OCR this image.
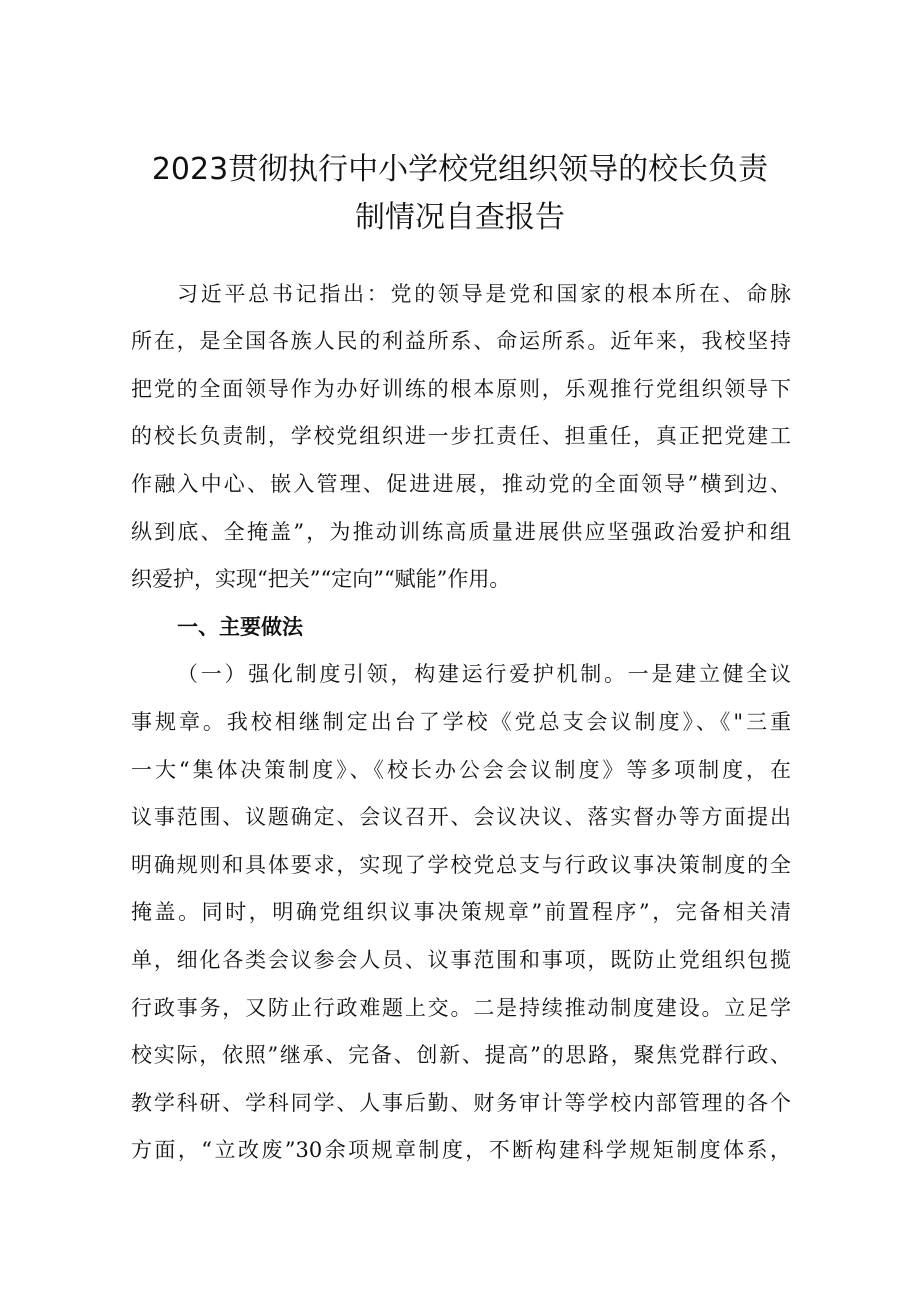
2023贯彻执行中小学校党组织领导的校长负责
制情况自查报告
习近平总书记指出：党的领导是党和国家的根本所在、命脉
所在，是全国各族人民的利益所系、命运所系。近年来，我校坚持
把党的全面领导作为办好训练的根本原则，乐观推行党组织领导下
的校长负责制，学校党组织进一步扛责任、担重任，真正把党建工
作融入中心、嵌入管理、促进进展，推动党的全面领导”横到边、
纵到底、全掩盖”，为推动训练高质量进展供应坚强政治爱护和组
织爱护，实现“把关”“定向”“赋能”作用。
一、主要做法
（一）强化制度引领，构建运行爱护机制。一是建立健全议
事规章。我校相继制定出台了学校《党总支会议制度》、《"三重
一大“集体决策制度》、《校长办公会会议制度》等多项制度，在
议事范围、议题确定、会议召开、会议决议、落实督办等方面提出
明确规则和具体要求，实现了学校党总支与行政议事决策制度的全
掩盖。同时，明确党组织议事决策规章”前置程序”，完备相关清
单，细化各类会议参会人员、议事范围和事项，既防止党组织包揽
行政事务，又防止行政难题上交。二是持续推动制度建设。立足学
校实际，依照”继承、完备、创新、提高”的思路，聚焦党群行政、
教学科研、学科同学、人事后勤、财务审计等学校内部管理的各个
方面，“立改废”30余项规章制度，不断构建科学规矩制度体系，
